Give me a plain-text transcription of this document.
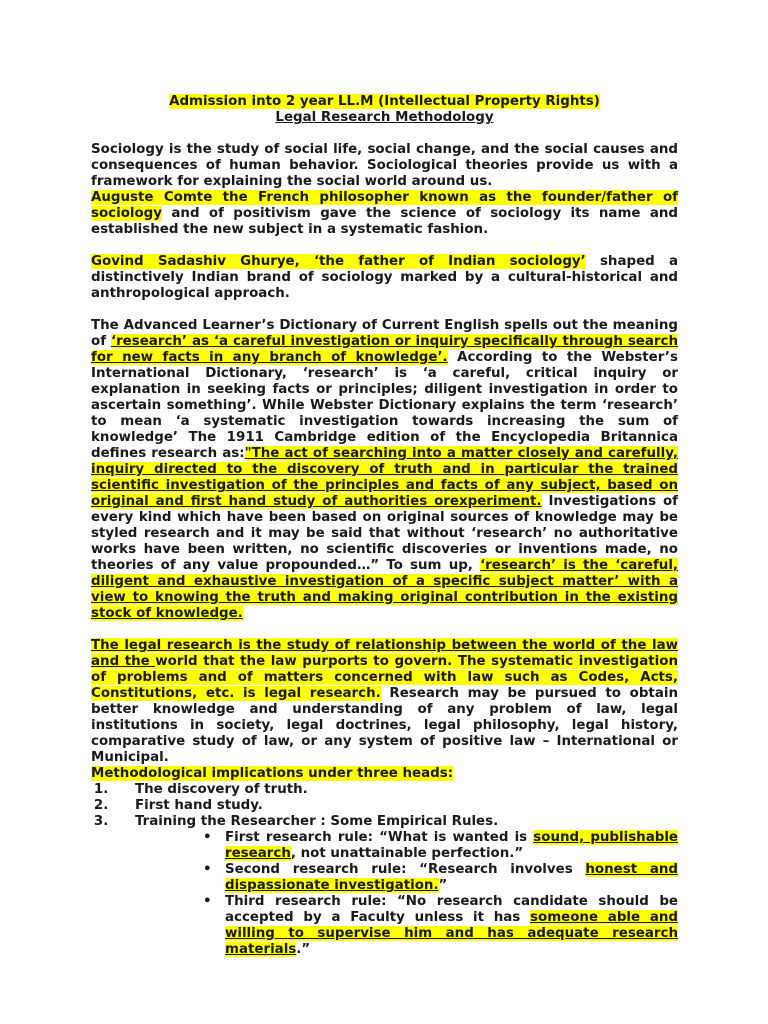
Admission into 2 year LL.M (Intellectual Property Rights)
Legal Research Methodology
Sociology is the study of social life, social change, and the social causes and consequences of human behavior. Sociological theories provide us with a framework for explaining the social world around us.
Auguste Comte the French philosopher known as the founder/father of sociology and of positivism gave the science of sociology its name and established the new subject in a systematic fashion.
Govind Sadashiv Ghurye, ‘the father of Indian sociology’ shaped a distinctively Indian brand of sociology marked by a cultural-historical and anthropological approach.
The Advanced Learner’s Dictionary of Current English spells out the meaning of ‘research’ as ‘a careful investigation or inquiry specifically through search for new facts in any branch of knowledge’. According to the Webster’s International Dictionary, ‘research’ is ‘a careful, critical inquiry or explanation in seeking facts or principles; diligent investigation in order to ascertain something’. While Webster Dictionary explains the term ‘research’ to mean ‘a systematic investigation towards increasing the sum of knowledge’ The 1911 Cambridge edition of the Encyclopedia Britannica defines research as:"The act of searching into a matter closely and carefully, inquiry directed to the discovery of truth and in particular the trained scientific investigation of the principles and facts of any subject, based on original and first hand study of authorities orexperiment. Investigations of every kind which have been based on original sources of knowledge may be styled research and it may be said that without ‘research’ no authoritative works have been written, no scientific discoveries or inventions made, no theories of any value propounded…” To sum up, ‘research’ is the ‘careful, diligent and exhaustive investigation of a specific subject matter’ with a view to knowing the truth and making original contribution in the existing stock of knowledge.
The legal research is the study of relationship between the world of the law and the world that the law purports to govern. The systematic investigation of problems and of matters concerned with law such as Codes, Acts, Constitutions, etc. is legal research. Research may be pursued to obtain better knowledge and understanding of any problem of law, legal institutions in society, legal doctrines, legal philosophy, legal history, comparative study of law, or any system of positive law – International or Municipal.
Methodological implications under three heads:
1. The discovery of truth.
2. First hand study.
3. Training the Researcher : Some Empirical Rules.
• First research rule: “What is wanted is sound, publishable research, not unattainable perfection.”
• Second research rule: “Research involves honest and dispassionate investigation.”
• Third research rule: “No research candidate should be accepted by a Faculty unless it has someone able and willing to supervise him and has adequate research materials.”
